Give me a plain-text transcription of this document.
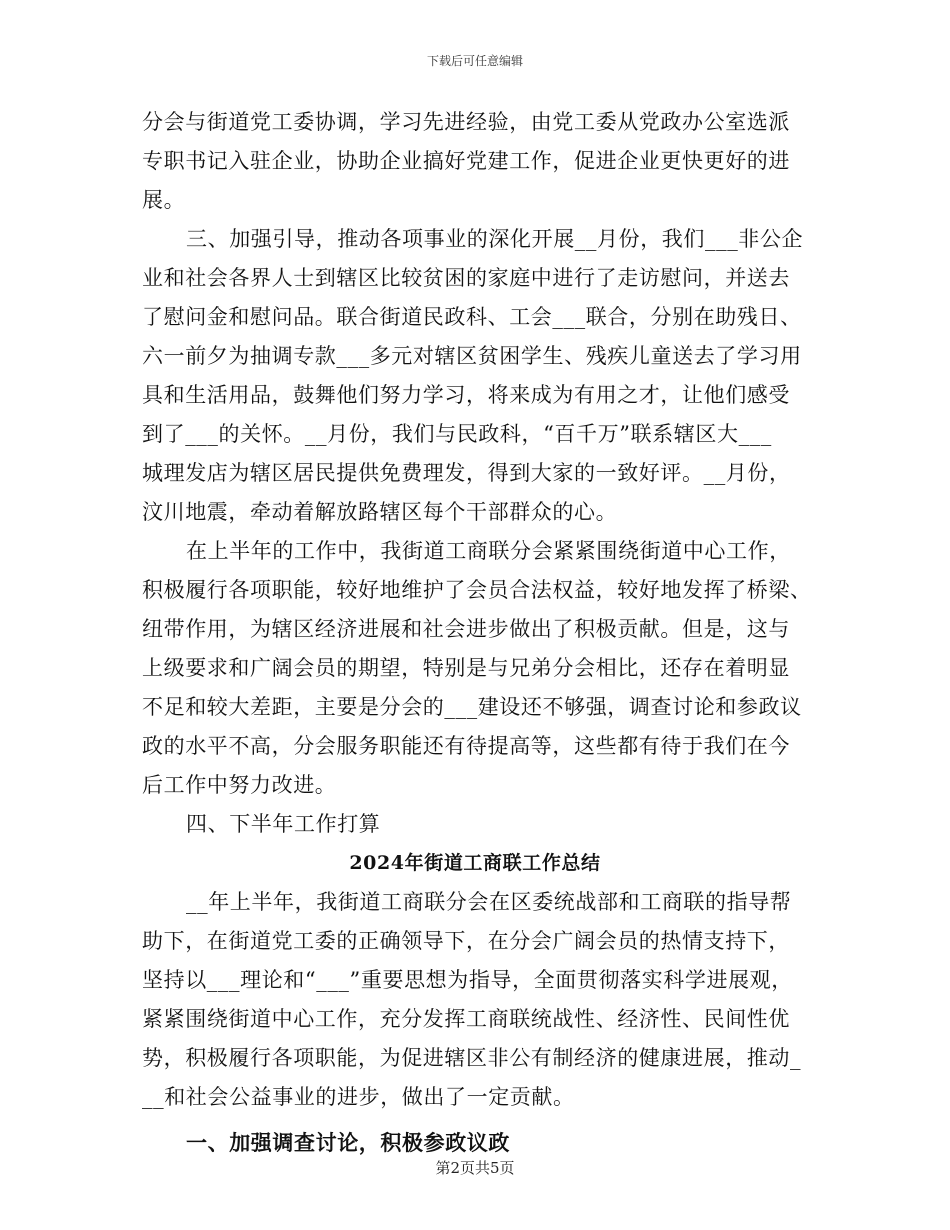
下载后可任意编辑
分会与街道党工委协调，学习先进经验，由党工委从党政办公室选派
专职书记入驻企业，协助企业搞好党建工作，促进企业更快更好的进
展。
三、加强引导，推动各项事业的深化开展__月份，我们___非公企
业和社会各界人士到辖区比较贫困的家庭中进行了走访慰问，并送去
了慰问金和慰问品。联合街道民政科、工会___联合，分别在助残日、
六一前夕为抽调专款___多元对辖区贫困学生、残疾儿童送去了学习用
具和生活用品，鼓舞他们努力学习，将来成为有用之才，让他们感受
到了___的关怀。__月份，我们与民政科，“百千万”联系辖区大___
城理发店为辖区居民提供免费理发，得到大家的一致好评。__月份，
汶川地震，牵动着解放路辖区每个干部群众的心。
在上半年的工作中，我街道工商联分会紧紧围绕街道中心工作，
积极履行各项职能，较好地维护了会员合法权益，较好地发挥了桥梁、
纽带作用，为辖区经济进展和社会进步做出了积极贡献。但是，这与
上级要求和广阔会员的期望，特别是与兄弟分会相比，还存在着明显
不足和较大差距，主要是分会的___建设还不够强，调查讨论和参政议
政的水平不高，分会服务职能还有待提高等，这些都有待于我们在今
后工作中努力改进。
四、下半年工作打算
2024年街道工商联工作总结
__年上半年，我街道工商联分会在区委统战部和工商联的指导帮
助下，在街道党工委的正确领导下，在分会广阔会员的热情支持下，
坚持以___理论和“___”重要思想为指导，全面贯彻落实科学进展观，
紧紧围绕街道中心工作，充分发挥工商联统战性、经济性、民间性优
势，积极履行各项职能，为促进辖区非公有制经济的健康进展，推动_
__和社会公益事业的进步，做出了一定贡献。
一、加强调查讨论，积极参政议政
第2页共5页
